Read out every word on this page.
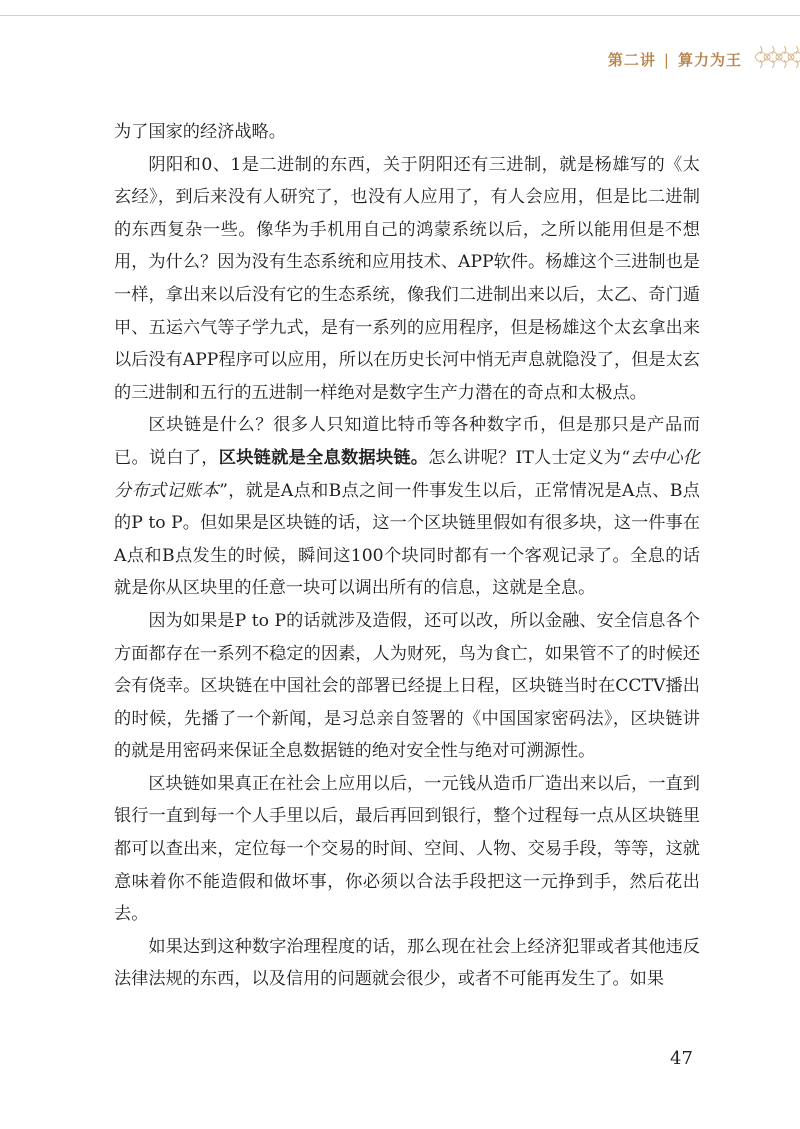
第二讲 | 算力为王

为了国家的经济战略。

阴阳和0、1是二进制的东西，关于阴阳还有三进制，就是杨雄写的《太玄经》，到后来没有人研究了，也没有人应用了，有人会应用，但是比二进制的东西复杂一些。像华为手机用自己的鸿蒙系统以后，之所以能用但是不想用，为什么？因为没有生态系统和应用技术、APP软件。杨雄这个三进制也是一样，拿出来以后没有它的生态系统，像我们二进制出来以后，太乙、奇门遁甲、五运六气等子学九式，是有一系列的应用程序，但是杨雄这个太玄拿出来以后没有APP程序可以应用，所以在历史长河中悄无声息就隐没了，但是太玄的三进制和五行的五进制一样绝对是数字生产力潜在的奇点和太极点。

区块链是什么？很多人只知道比特币等各种数字币，但是那只是产品而已。说白了，区块链就是全息数据块链。怎么讲呢？IT人士定义为“去中心化分布式记账本”，就是A点和B点之间一件事发生以后，正常情况是A点、B点的P to P。但如果是区块链的话，这一个区块链里假如有很多块，这一件事在A点和B点发生的时候，瞬间这100个块同时都有一个客观记录了。全息的话就是你从区块里的任意一块可以调出所有的信息，这就是全息。

因为如果是P to P的话就涉及造假，还可以改，所以金融、安全信息各个方面都存在一系列不稳定的因素，人为财死，鸟为食亡，如果管不了的时候还会有侥幸。区块链在中国社会的部署已经提上日程，区块链当时在CCTV播出的时候，先播了一个新闻，是习总亲自签署的《中国国家密码法》，区块链讲的就是用密码来保证全息数据链的绝对安全性与绝对可溯源性。

区块链如果真正在社会上应用以后，一元钱从造币厂造出来以后，一直到银行一直到每一个人手里以后，最后再回到银行，整个过程每一点从区块链里都可以查出来，定位每一个交易的时间、空间、人物、交易手段，等等，这就意味着你不能造假和做坏事，你必须以合法手段把这一元挣到手，然后花出去。

如果达到这种数字治理程度的话，那么现在社会上经济犯罪或者其他违反法律法规的东西，以及信用的问题就会很少，或者不可能再发生了。如果

47
